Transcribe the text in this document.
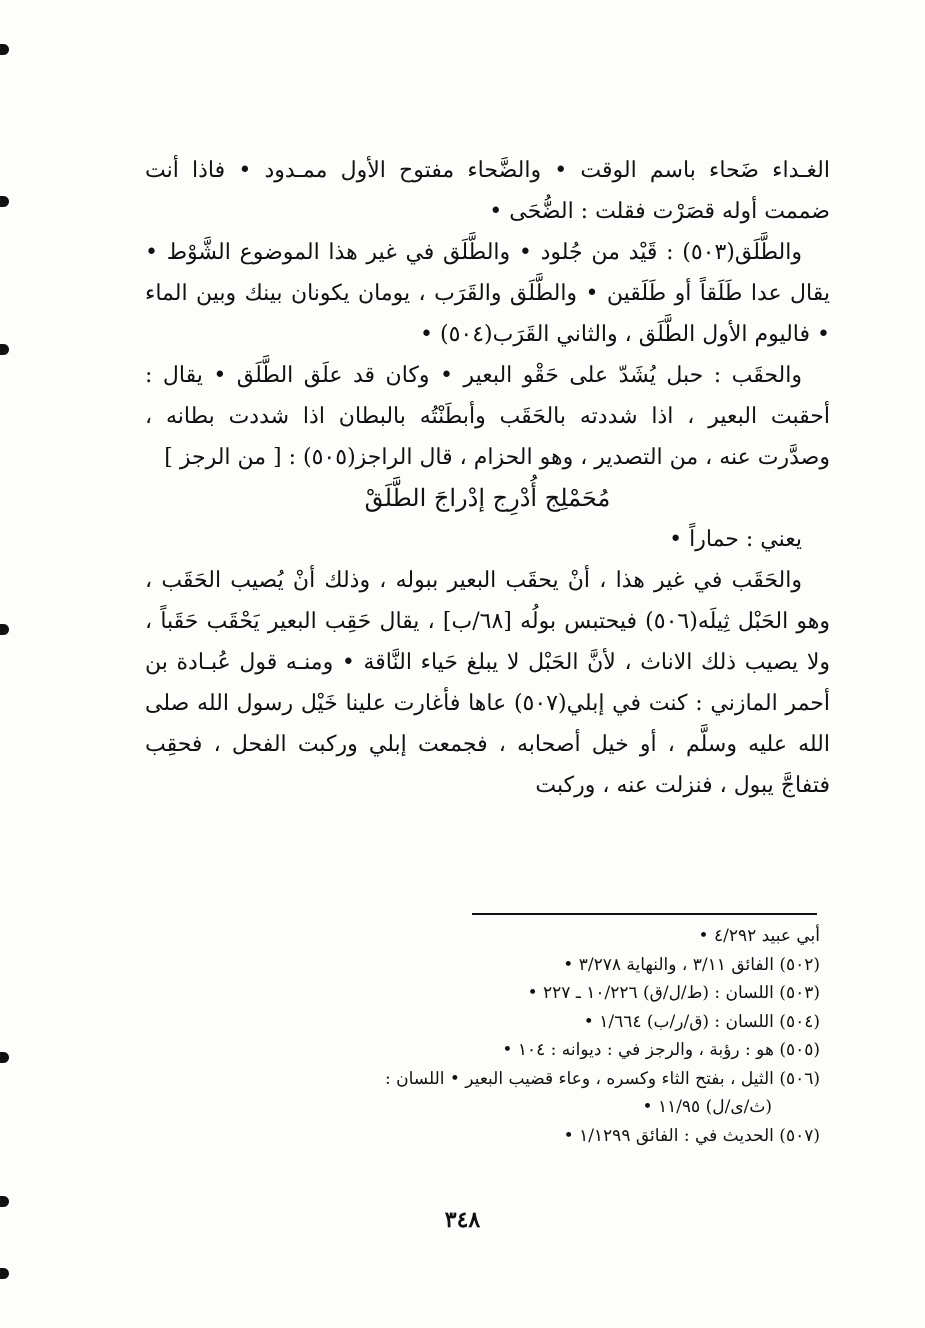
الغـداء ضَحاء باسم الوقت • والضَّحاء مفتوح الأول ممـدود • فاذا أنت ضممت أوله قصَرْت فقلت : الضُّحَى •

والطَّلَق(٥٠٣) : قَيْد من جُلود • والطَّلَق في غير هذا الموضوع الشَّوْط • يقال عدا طَلَقاً أو طَلَقين • والطَّلَق والقَرَب ، يومان يكونان بينك وبين الماء • فاليوم الأول الطَّلَق ، والثاني القَرَب(٥٠٤) •

والحقَب : حبل يُشَدّ على حَقْو البعير • وكان قد علَق الطَّلَق • يقال : أحقبت البعير ، اذا شددته بالحَقَب وأبطَنْتُه بالبطان اذا شددت بطانه ، وصدَّرت عنه ، من التصدير ، وهو الحزام ، قال الراجز(٥٠٥) : [ من الرجز ]

مُحَمْلِج أُدْرِج إدْراجَ الطَّلَقْ

يعني : حماراً •

والحَقَب في غير هذا ، أنْ يحقَب البعير ببوله ، وذلك أنْ يُصيب الحَقَب ، وهو الحَبْل ثِيلَه(٥٠٦) فيحتبس بولُه [٦٨/ب] ، يقال حَقِب البعير يَحْقَب حَقَباً ، ولا يصيب ذلك الاناث ، لأنَّ الحَبْل لا يبلغ حَياء النَّاقة • ومنـه قول عُبـادة بن أحمر المازني : كنت في إبلي(٥٠٧) عاها فأغارت علينا خَيْل رسول الله صلى الله عليه وسلَّم ، أو خيل أصحابه ، فجمعت إبلي وركبت الفحل ، فحقِب فتفاجَّ يبول ، فنزلت عنه ، وركبت

أبي عبيد ٤/٢٩٢ •
(٥٠٢) الفائق ٣/١١ ، والنهاية ٣/٢٧٨ •
(٥٠٣) اللسان : (ط/ل/ق) ١٠/٢٢٦ ـ ٢٢٧ •
(٥٠٤) اللسان : (ق/ر/ب) ١/٦٦٤ •
(٥٠٥) هو : رؤبة ، والرجز في : ديوانه : ١٠٤ •
(٥٠٦) الثيل ، بفتح الثاء وكسره ، وعاء قضيب البعير • اللسان :
(ث/ى/ل) ١١/٩٥ •
(٥٠٧) الحديث في : الفائق ١/١٢٩٩ •
٣٤٨
